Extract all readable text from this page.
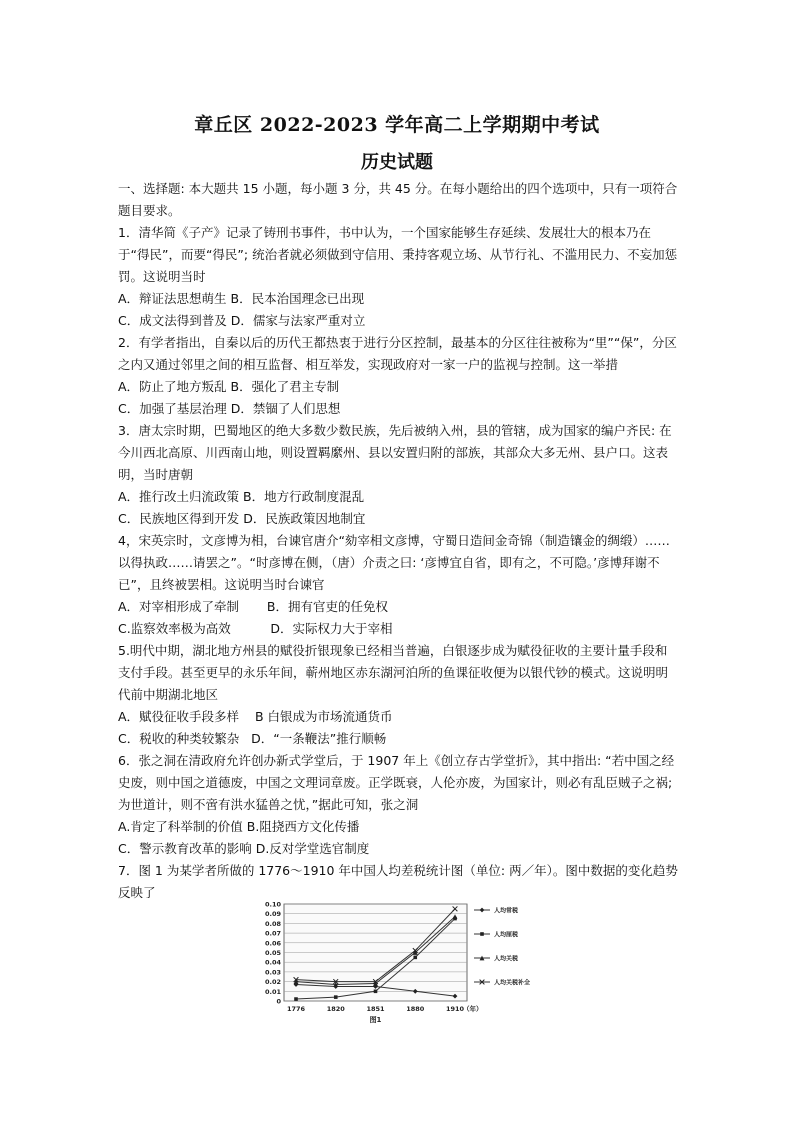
章丘区 2022-2023 学年高二上学期期中考试
历史试题

一、选择题: 本大题共 15 小题，每小题 3 分，共 45 分。在每小题给出的四个选项中，只有一项符合题目要求。

1．清华简《子产》记录了铸刑书事件，书中认为，一个国家能够生存延续、发展壮大的根本乃在于“得民”，而要“得民”; 统治者就必须做到守信用、秉持客观立场、从节行礼、不滥用民力、不妄加惩罚。这说明当时

A．辩证法思想萌生 B．民本治国理念已出现

C．成文法得到普及 D．儒家与法家严重对立

2．有学者指出，自秦以后的历代王都热衷于进行分区控制，最基本的分区往往被称为“里”“保”，分区之内又通过邻里之间的相互监督、相互举发，实现政府对一家一户的监视与控制。这一举措

A．防止了地方叛乱 B．强化了君主专制

C．加强了基层治理 D．禁锢了人们思想

3．唐太宗时期，巴蜀地区的绝大多数少数民族，先后被纳入州，县的管辖，成为国家的编户齐民: 在今川西北高原、川西南山地，则设置羁縻州、县以安置归附的部族，其部众大多无州、县户口。这表明，当时唐朝

A．推行改土归流政策 B．地方行政制度混乱

C．民族地区得到开发 D．民族政策因地制宜

4，宋英宗时，文彦博为相，台谏官唐介“劾宰相文彦博，守蜀日造间金奇锦（制造镶金的绸缎）……以得执政……请罢之”。“时彦博在侧，（唐）介责之曰: ‘彦博宜自省，即有之，不可隐。’彦博拜谢不已”，且终被罢相。这说明当时台谏官

A．对宰相形成了牵制       B．拥有官吏的任免权

C.监察效率极为高效          D．实际权力大于宰相

5.明代中期，湖北地方州县的赋役折银现象已经相当普遍，白银逐步成为赋役征收的主要计量手段和支付手段。甚至更早的永乐年间，蕲州地区赤东湖河泊所的鱼课征收便为以银代钞的模式。这说明明代前中期湖北地区

A．赋役征收手段多样    B 白银成为市场流通货币

C．税收的种类较繁杂   D．“一条鞭法”推行顺畅

6．张之洞在清政府允许创办新式学堂后，于 1907 年上《创立存古学堂折》，其中指出: “若中国之经史废，则中国之道德废，中国之文理词章废。正学既衰，人伦亦废，为国家计，则必有乱臣贼子之祸; 为世道计，则不啻有洪水猛兽之忧，”据此可知，张之洞

A.肯定了科举制的价值 B.阻挠西方文化传播

C．警示教育改革的影响 D.反对学堂选官制度

7．图 1 为某学者所做的 1776～1910 年中国人均差税统计图（单位: 两／年）。图中数据的变化趋势反映了

0
0.01
0.02
0.03
0.04
0.05
0.06
0.07
0.08
0.09
0.10
1776	1820	1851	1880	1910
（年）
图1
人均常税
人均厘税
人均关税
人均关税补全
